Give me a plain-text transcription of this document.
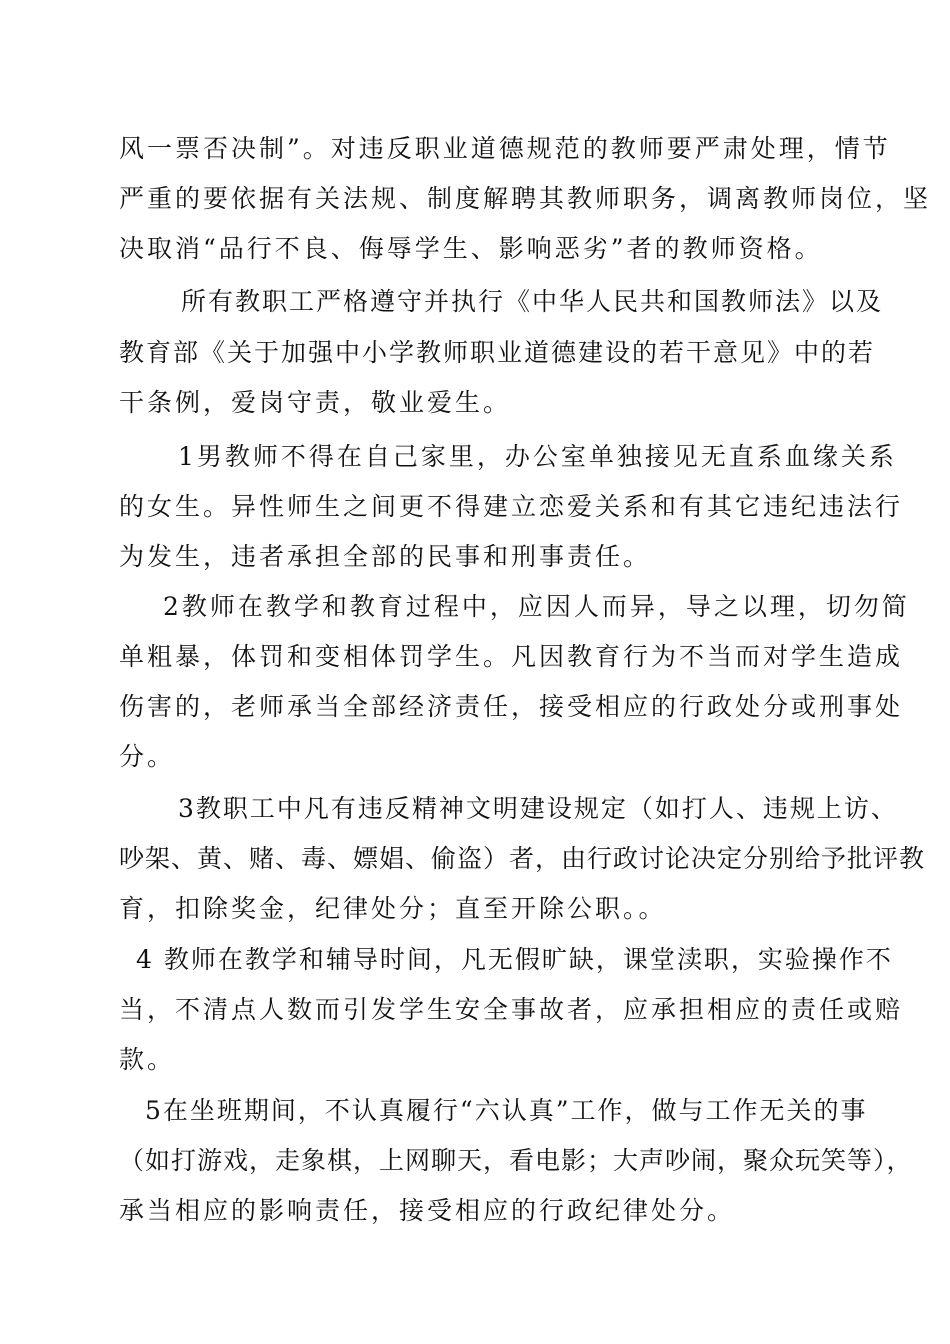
风一票否决制”。对违反职业道德规范的教师要严肃处理，情节
严重的要依据有关法规、制度解聘其教师职务，调离教师岗位，坚
决取消“品行不良、侮辱学生、影响恶劣”者的教师资格。
所有教职工严格遵守并执行《中华人民共和国教师法》以及
教育部《关于加强中小学教师职业道德建设的若干意见》中的若
干条例，爱岗守责，敬业爱生。
1男教师不得在自己家里，办公室单独接见无直系血缘关系
的女生。异性师生之间更不得建立恋爱关系和有其它违纪违法行
为发生，违者承担全部的民事和刑事责任。
2教师在教学和教育过程中，应因人而异，导之以理，切勿简
单粗暴，体罚和变相体罚学生。凡因教育行为不当而对学生造成
伤害的，老师承当全部经济责任，接受相应的行政处分或刑事处
分。
3教职工中凡有违反精神文明建设规定（如打人、违规上访、
吵架、黄、赌、毒、嫖娼、偷盗）者，由行政讨论决定分别给予批评教
育，扣除奖金，纪律处分；直至开除公职。。
4 教师在教学和辅导时间，凡无假旷缺，课堂渎职，实验操作不
当，不清点人数而引发学生安全事故者，应承担相应的责任或赔
款。
5在坐班期间，不认真履行“六认真”工作，做与工作无关的事
（如打游戏，走象棋，上网聊天，看电影；大声吵闹，聚众玩笑等），
承当相应的影响责任，接受相应的行政纪律处分。
